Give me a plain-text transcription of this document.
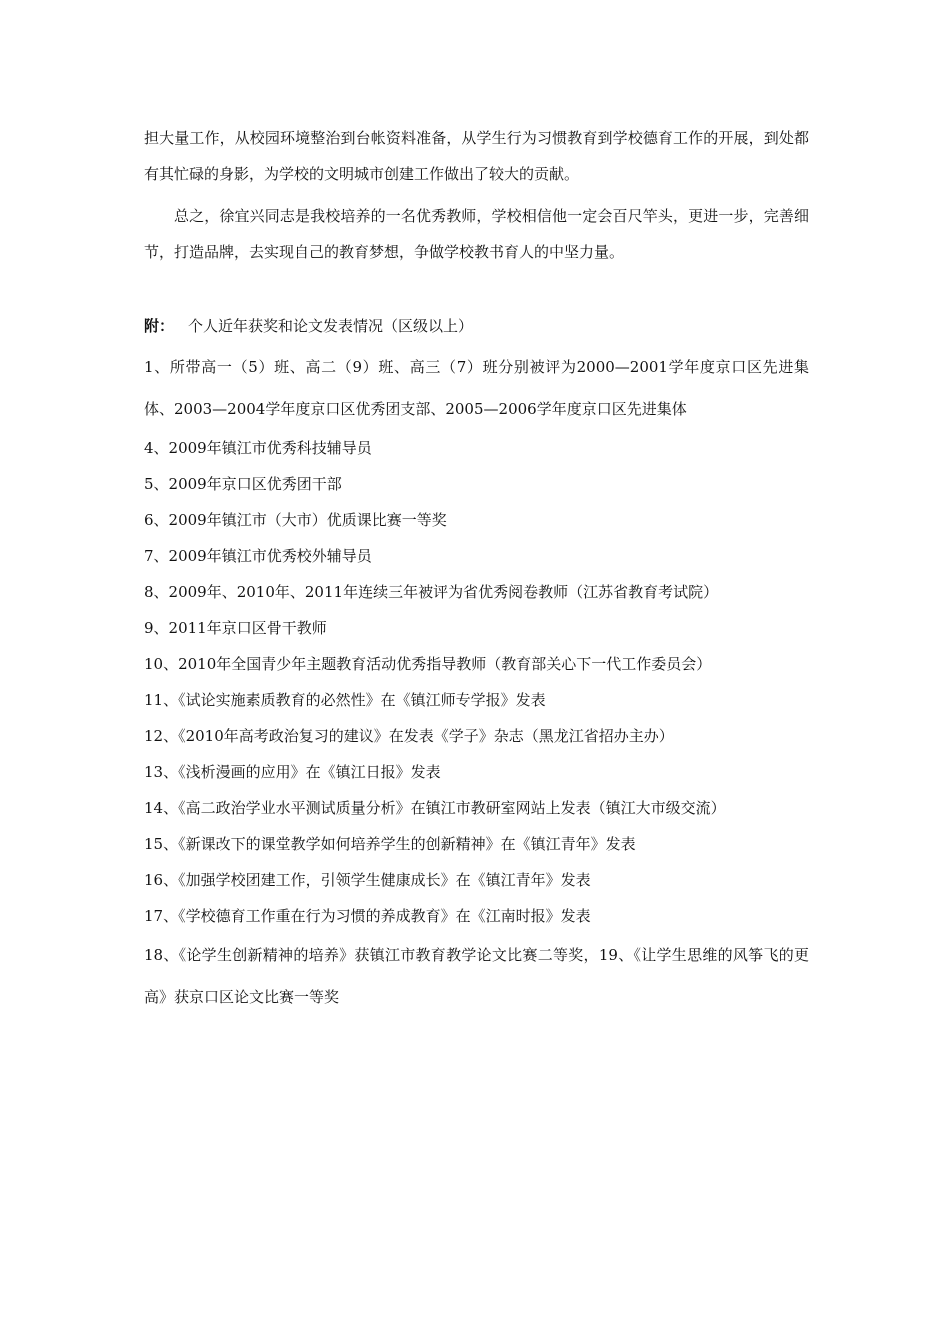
担大量工作，从校园环境整治到台帐资料准备，从学生行为习惯教育到学校德育工作的开展，到处都有其忙碌的身影，为学校的文明城市创建工作做出了较大的贡献。

总之，徐宜兴同志是我校培养的一名优秀教师，学校相信他一定会百尺竿头，更进一步，完善细节，打造品牌，去实现自己的教育梦想，争做学校教书育人的中坚力量。

附： 个人近年获奖和论文发表情况（区级以上）
1、所带高一（5）班、高二（9）班、高三（7）班分别被评为2000—2001学年度京口区先进集体、2003—2004学年度京口区优秀团支部、2005—2006学年度京口区先进集体
4、2009年镇江市优秀科技辅导员
5、2009年京口区优秀团干部
6、2009年镇江市（大市）优质课比赛一等奖
7、2009年镇江市优秀校外辅导员
8、2009年、2010年、2011年连续三年被评为省优秀阅卷教师（江苏省教育考试院）
9、2011年京口区骨干教师
10、2010年全国青少年主题教育活动优秀指导教师（教育部关心下一代工作委员会）
11、《试论实施素质教育的必然性》在《镇江师专学报》发表
12、《2010年高考政治复习的建议》在发表《学子》杂志（黑龙江省招办主办）
13、《浅析漫画的应用》在《镇江日报》发表
14、《高二政治学业水平测试质量分析》在镇江市教研室网站上发表（镇江大市级交流）
15、《新课改下的课堂教学如何培养学生的创新精神》在《镇江青年》发表
16、《加强学校团建工作，引领学生健康成长》在《镇江青年》发表
17、《学校德育工作重在行为习惯的养成教育》在《江南时报》发表
18、《论学生创新精神的培养》获镇江市教育教学论文比赛二等奖，19、《让学生思维的风筝飞的更高》获京口区论文比赛一等奖
